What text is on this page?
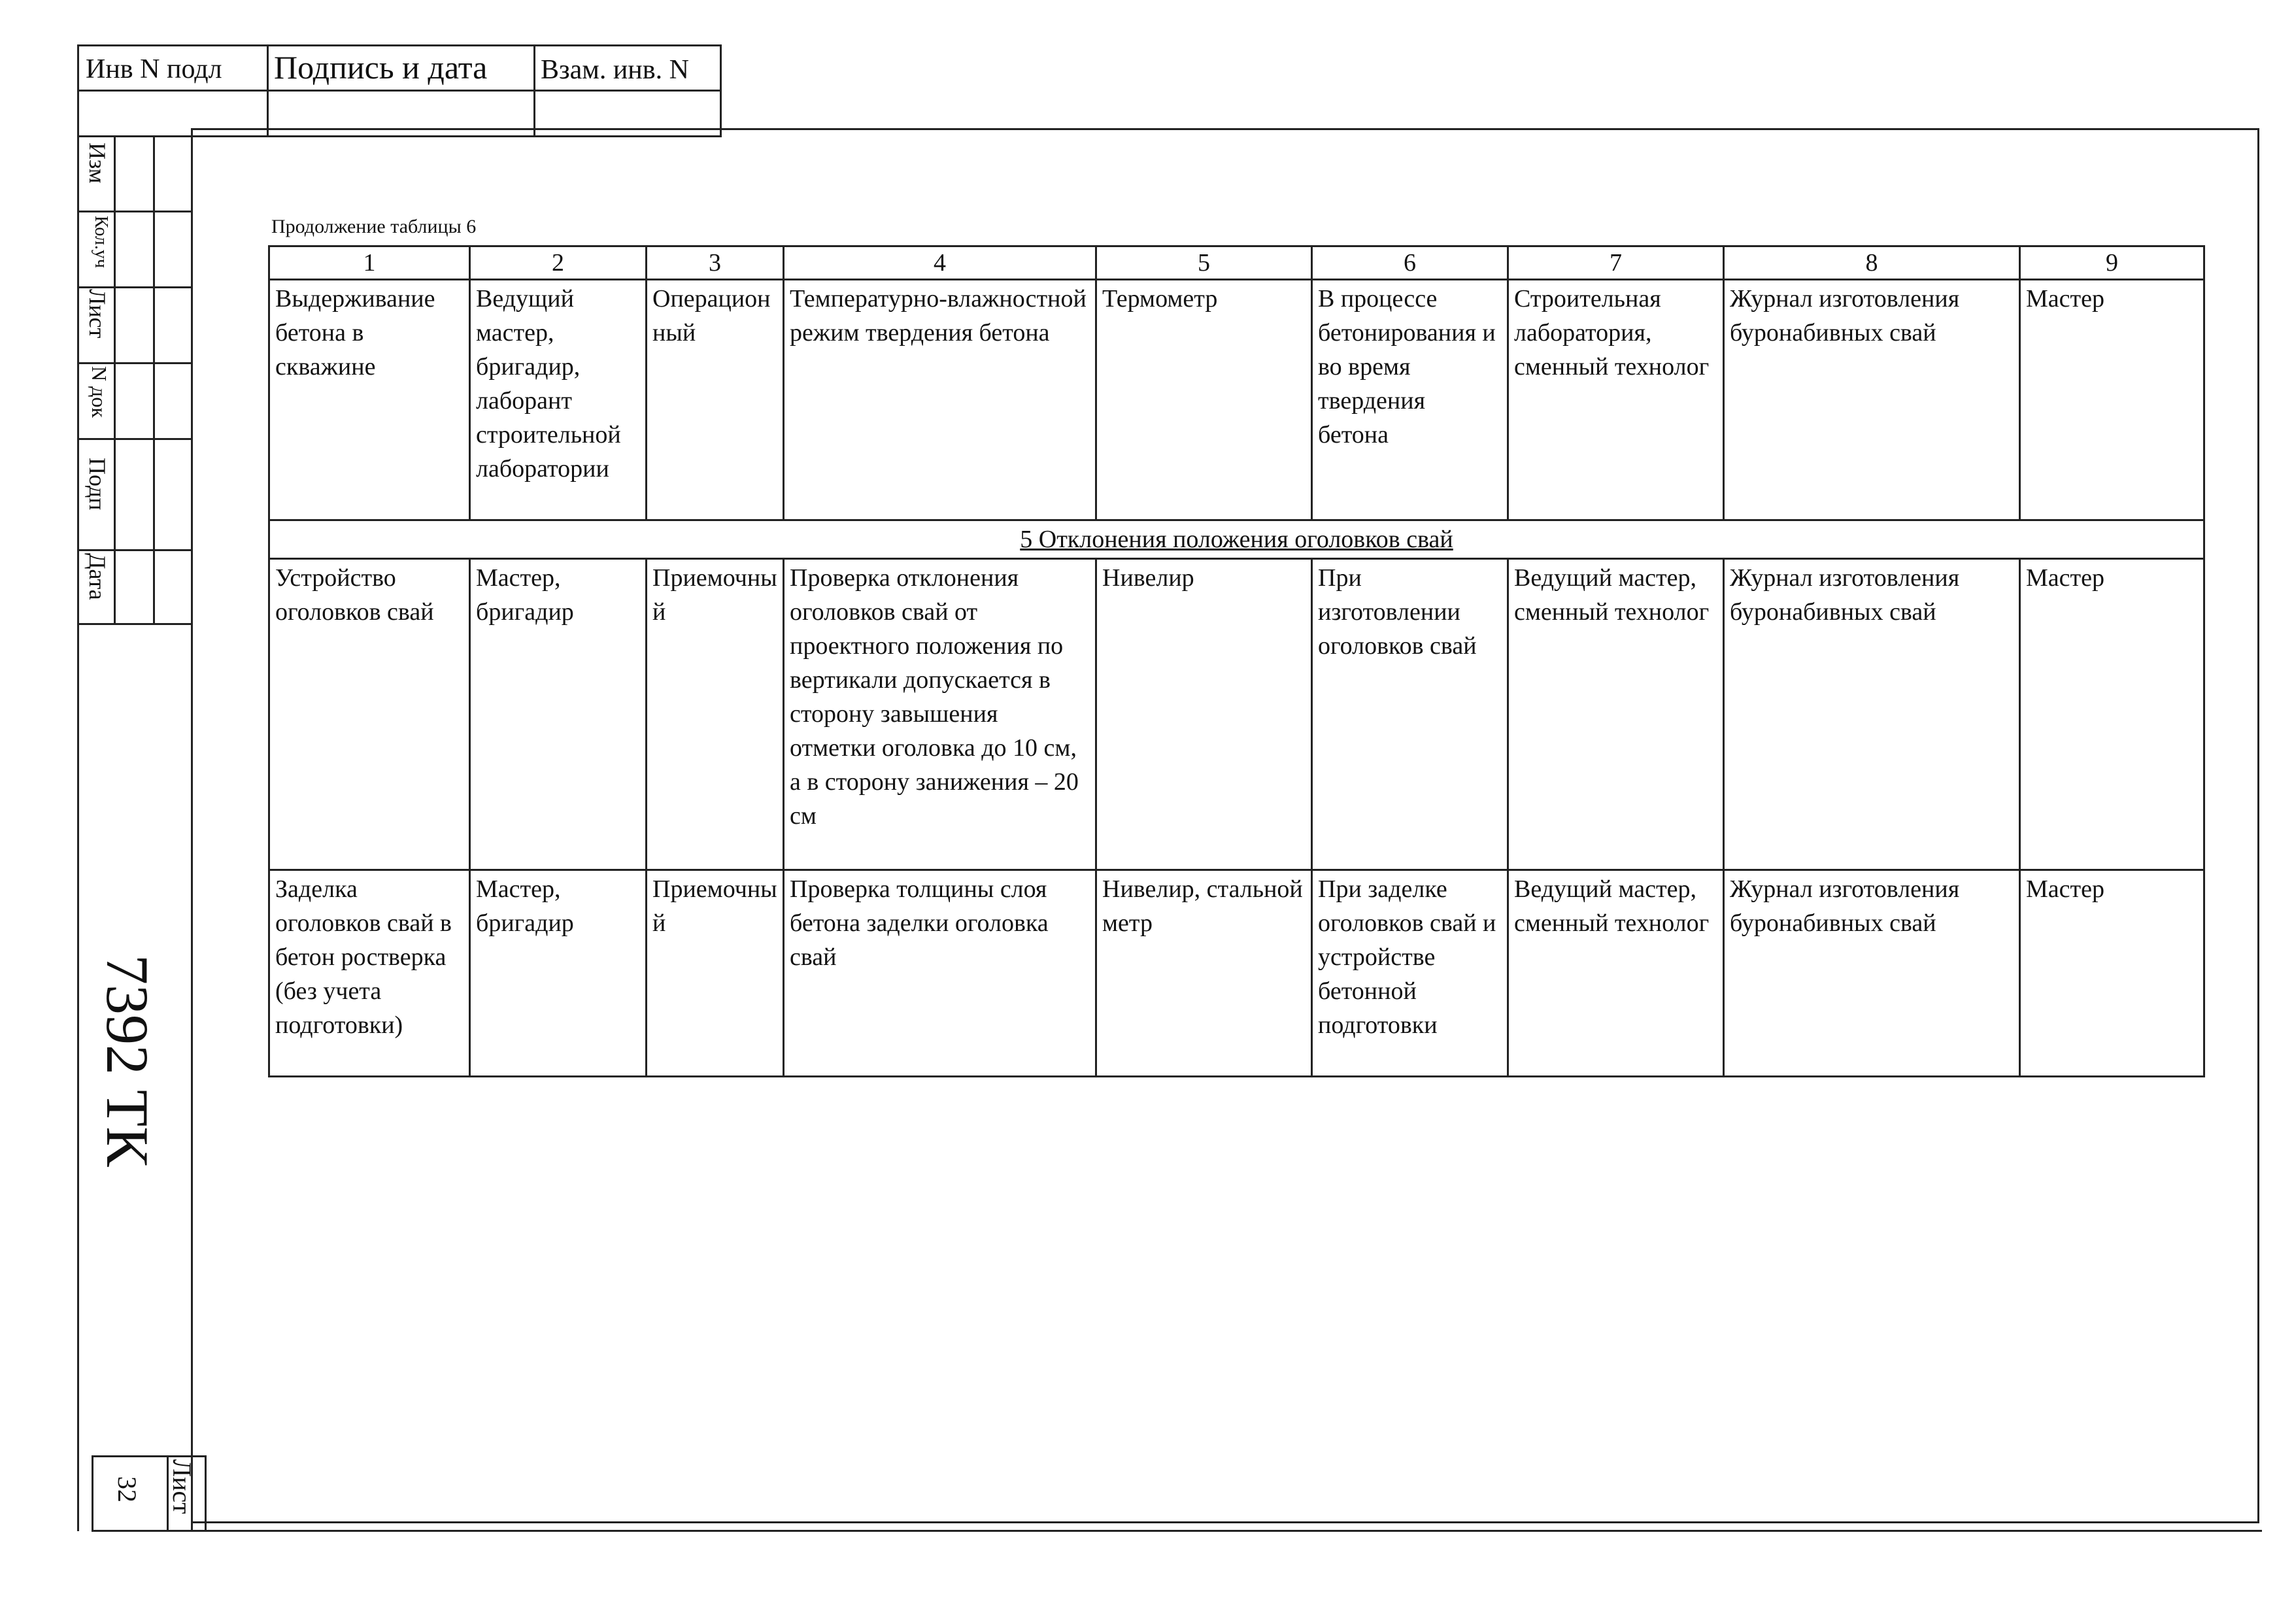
Инв N подл	Подпись и дата	Взам. инв. N
Изм
Кол.уч
Лист
N док
Подп
Дата
7392 ТК
Лист
32
Продолжение таблицы 6
1	2	3	4	5	6	7	8	9
Выдерживание бетона в скважине	Ведущий мастер, бригадир, лаборант строительной лаборатории	Операционный	Температурно-влажностной режим твердения бетона	Термометр	В процессе бетонирования и во время твердения бетона	Строительная лаборатория, сменный технолог	Журнал изготовления буронабивных свай	Мастер
5 Отклонения положения оголовков свай								
Устройство оголовков свай	Мастер, бригадир	Приемочный	Проверка отклонения оголовков свай от проектного положения по вертикали допускается в сторону завышения отметки оголовка до 10 см, а в сторону занижения – 20 см	Нивелир	При изготовлении оголовков свай	Ведущий мастер, сменный технолог	Журнал изготовления буронабивных свай	Мастер
Заделка оголовков свай в бетон ростверка (без учета подготовки)	Мастер, бригадир	Приемочный	Проверка толщины слоя бетона заделки оголовка свай	Нивелир, стальной метр	При заделке оголовков свай и устройстве бетонной подготовки	Ведущий мастер, сменный технолог	Журнал изготовления буронабивных свай	Мастер
